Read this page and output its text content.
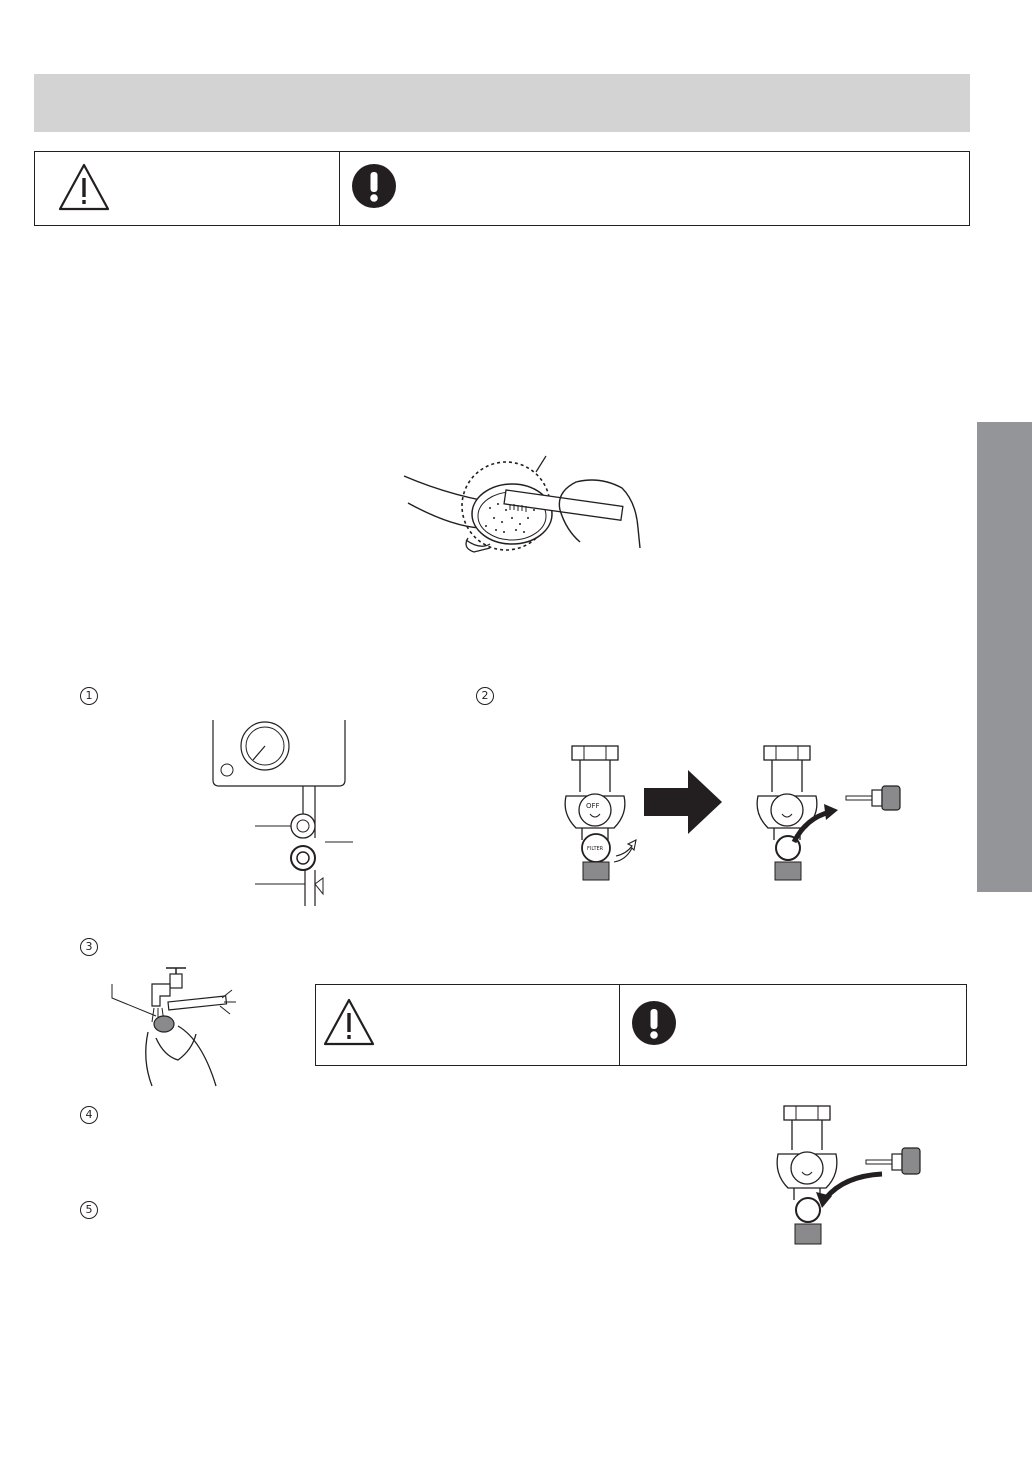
1	2
OFF
FILTER
3
4
5
